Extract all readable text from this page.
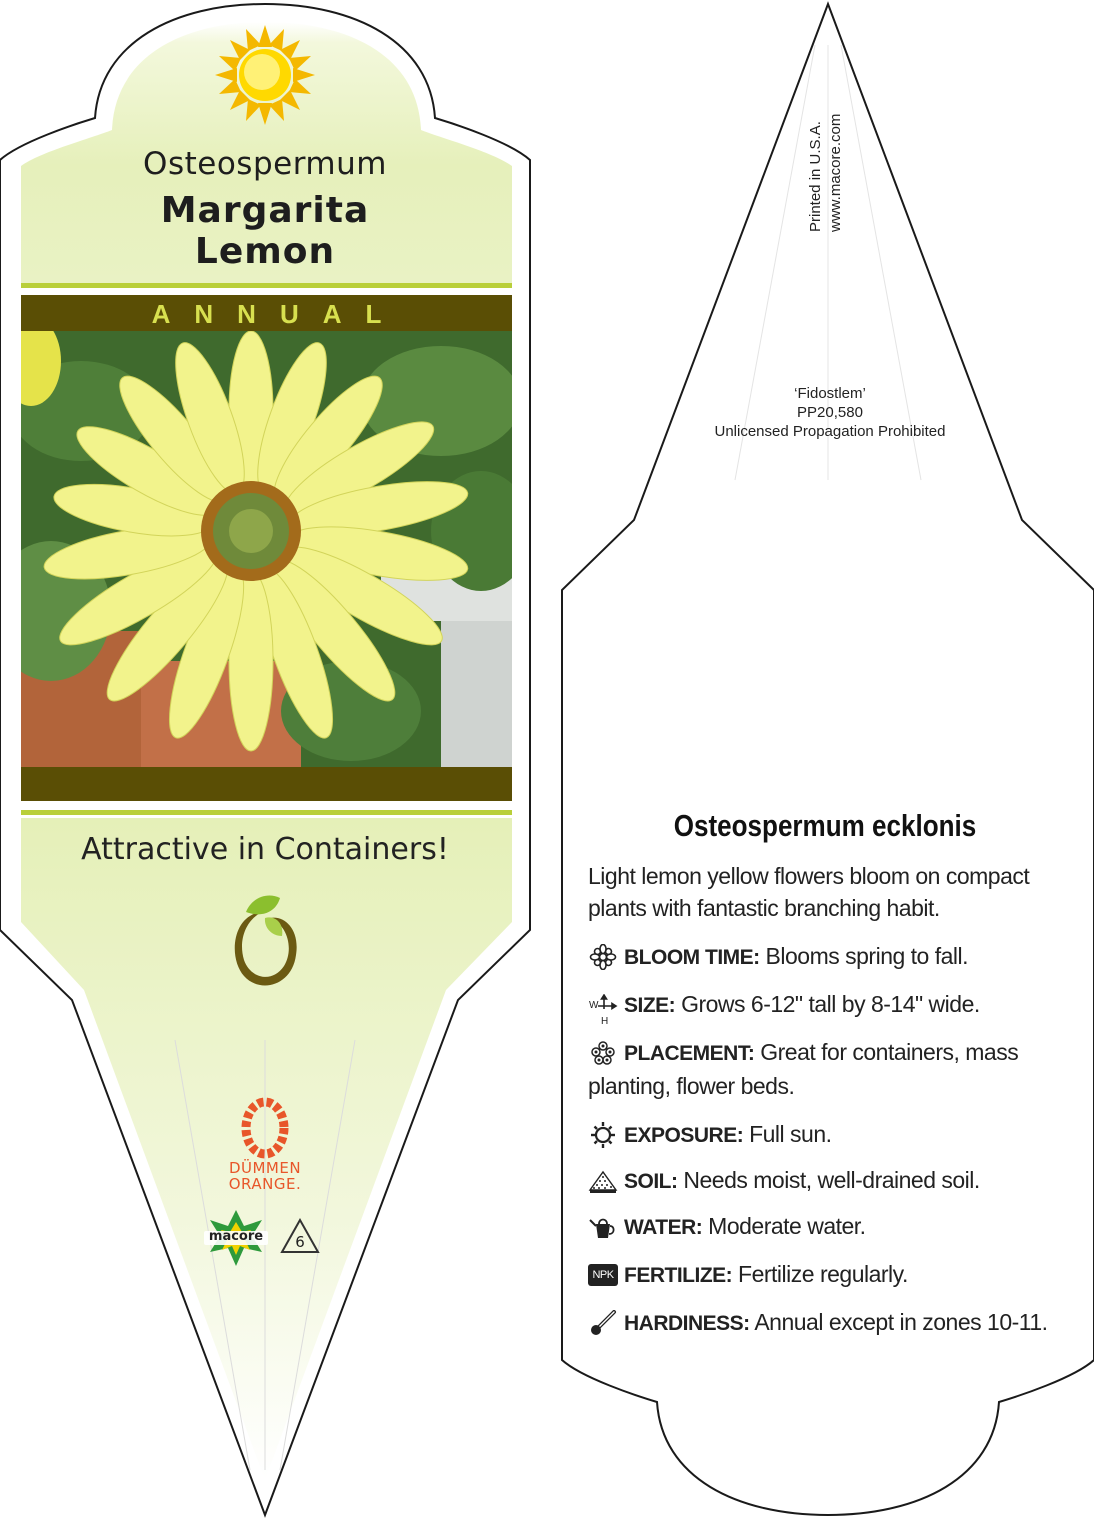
Osteospermum
Margarita
Lemon
ANNUAL
Attractive in Containers!
DÜMMEN
ORANGE.
macore 6
Printed in U.S.A. www.macore.com
‘Fidostlem’
PP20,580
Unlicensed Propagation Prohibited
Osteospermum ecklonis
Light lemon yellow flowers bloom on compact
plants with fantastic branching habit.
BLOOM TIME: Blooms spring to fall.
W
H
SIZE: Grows 6-12" tall by 8-14" wide.
PLACEMENT: Great for containers, mass
planting, flower beds.
EXPOSURE: Full sun.
SOIL: Needs moist, well-drained soil.
WATER: Moderate water.
NPK FERTILIZE: Fertilize regularly.
HARDINESS: Annual except in zones 10-11.
